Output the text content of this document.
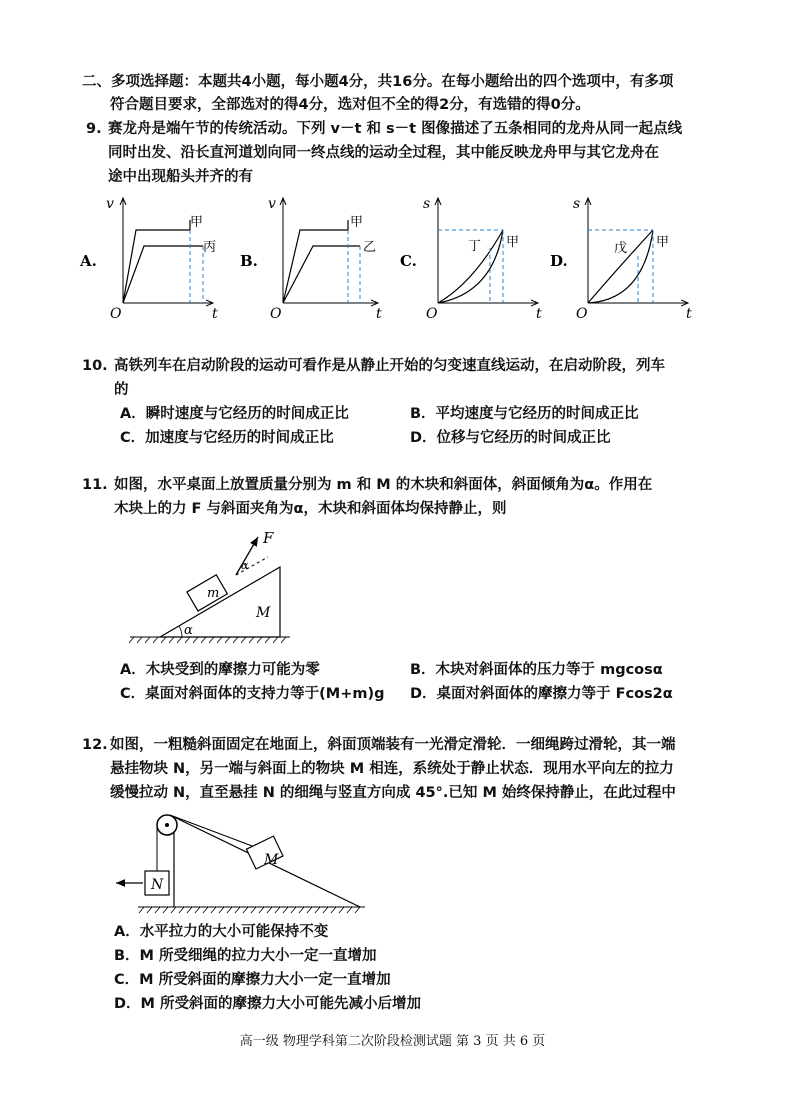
二、多项选择题：本题共4小题，每小题4分，共16分。在每小题给出的四个选项中，有多项
符合题目要求，全部选对的得4分，选对但不全的得2分，有选错的得0分。
9. 赛龙舟是端午节的传统活动。下列 v－t 和 s－t 图像描述了五条相同的龙舟从同一起点线
同时出发、沿长直河道划向同一终点线的运动全过程，其中能反映龙舟甲与其它龙舟在
途中出现船头并齐的有
A.
v
O	t
甲
丙
B.
v
O	t
甲
乙
C.
s
O	t
丁 甲
D.
s
O	t
戊 甲
10. 高铁列车在启动阶段的运动可看作是从静止开始的匀变速直线运动，在启动阶段，列车
的
A．瞬时速度与它经历的时间成正比	B．平均速度与它经历的时间成正比
C．加速度与它经历的时间成正比	D．位移与它经历的时间成正比
11. 如图，水平桌面上放置质量分别为 m 和 M 的木块和斜面体，斜面倾角为α。作用在
木块上的力 F 与斜面夹角为α，木块和斜面体均保持静止，则
α
m
M
F
α
A．木块受到的摩擦力可能为零	B．木块对斜面体的压力等于 mgcosα
C．桌面对斜面体的支持力等于(M+m)g D．桌面对斜面体的摩擦力等于 Fcos2α
12. 如图，一粗糙斜面固定在地面上，斜面顶端装有一光滑定滑轮．一细绳跨过滑轮，其一端
悬挂物块 N，另一端与斜面上的物块 M 相连，系统处于静止状态．现用水平向左的拉力
缓慢拉动 N，直至悬挂 N 的细绳与竖直方向成 45°.已知 M 始终保持静止，在此过程中
M
N
A．水平拉力的大小可能保持不变
B．M 所受细绳的拉力大小一定一直增加
C．M 所受斜面的摩擦力大小一定一直增加
D．M 所受斜面的摩擦力大小可能先减小后增加
高一级 物理学科第二次阶段检测试题 第 3 页 共 6 页
